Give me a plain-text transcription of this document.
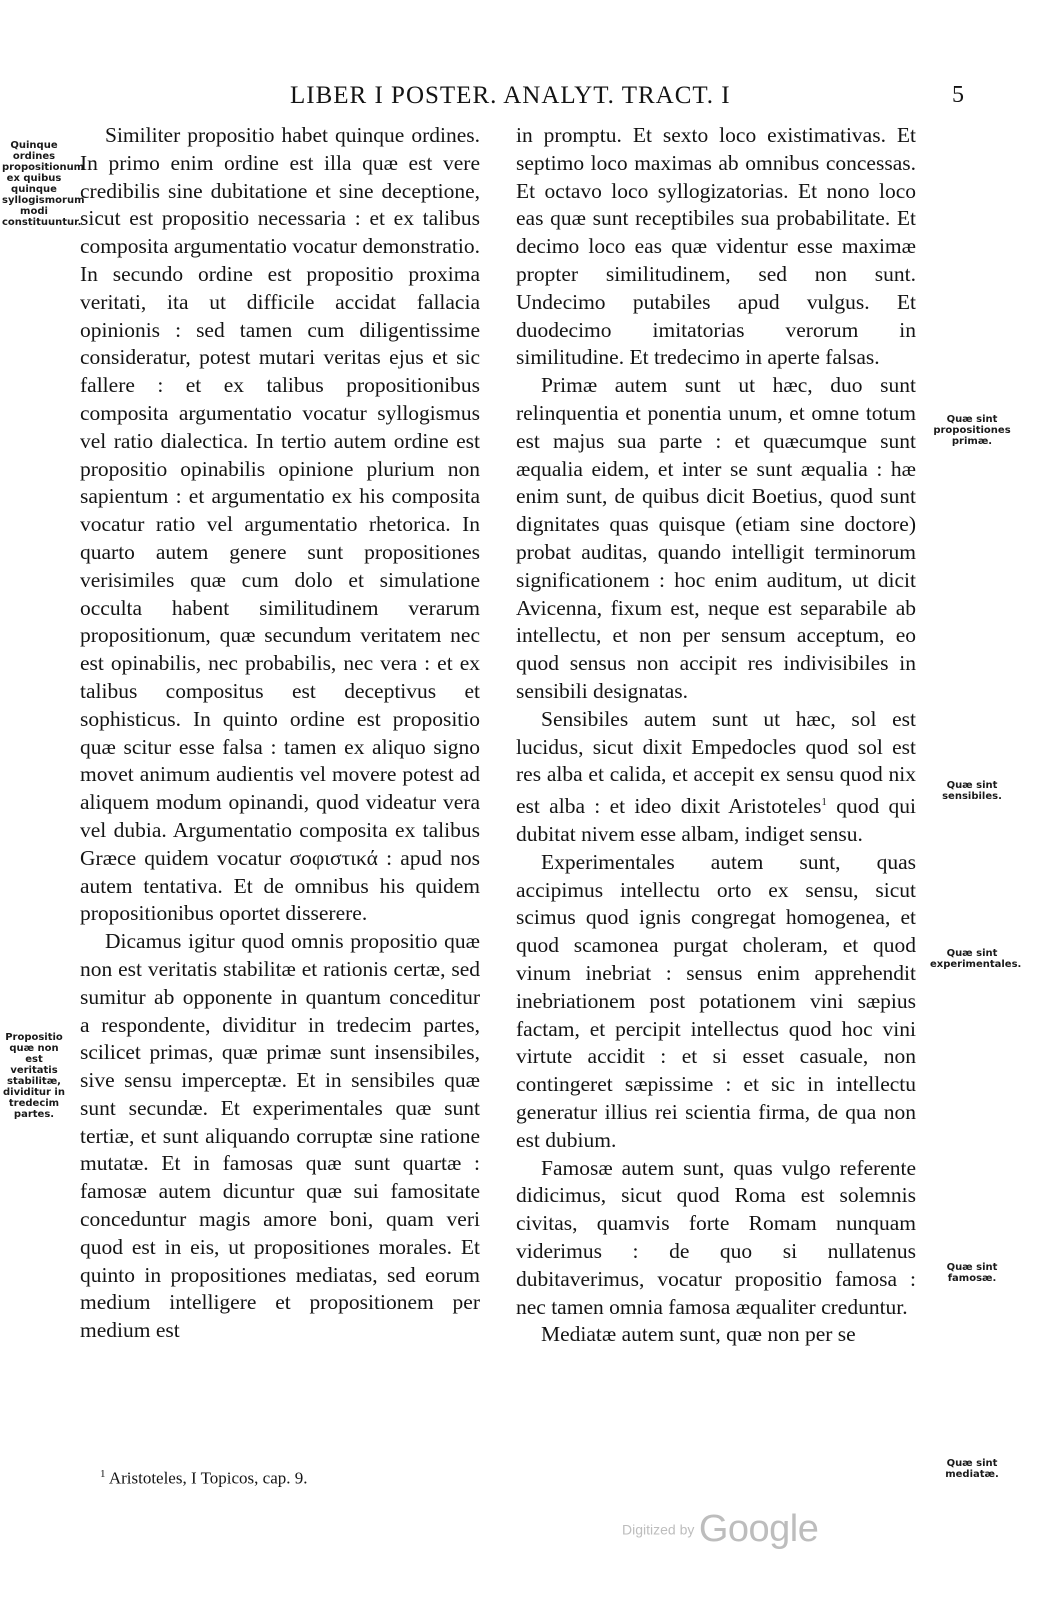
LIBER I POSTER. ANALYT. TRACT. I	5
Quinque ordines propositionum ex quibus quinque syllogismorum modi constituuntur.
Propositio quæ non est veritatis stabilitæ, dividitur in tredecim partes.
Quæ sint propositiones primæ.
Quæ sint sensibiles.
Quæ sint experimentales.
Quæ sint famosæ.
Quæ sint mediatæ.

Similiter propositio habet quinque ordines. In primo enim ordine est illa quæ est vere credibilis sine dubitatione et sine deceptione, sicut est propositio necessaria : et ex talibus composita argumentatio vocatur demonstratio. In secundo ordine est propositio proxima veritati, ita ut difficile accidat fallacia opinionis : sed tamen cum diligentissime consideratur, potest mutari veritas ejus et sic fallere : et ex talibus propositionibus composita argumentatio vocatur syllogismus vel ratio dialectica. In tertio autem ordine est propositio opinabilis opinione plurium non sapientum : et argumentatio ex his composita vocatur ratio vel argumentatio rhetorica. In quarto autem genere sunt propositiones verisimiles quæ cum dolo et simulatione occulta habent similitudinem verarum propositionum, quæ secundum veritatem nec est opinabilis, nec probabilis, nec vera : et ex talibus compositus est deceptivus et sophisticus. In quinto ordine est propositio quæ scitur esse falsa : tamen ex aliquo signo movet animum audientis vel movere potest ad aliquem modum opinandi, quod videatur vera vel dubia. Argumentatio composita ex talibus Græce quidem vocatur σοφιστικά : apud nos autem tentativa. Et de omnibus his quidem propositionibus oportet disserere.

Dicamus igitur quod omnis propositio quæ non est veritatis stabilitæ et rationis certæ, sed sumitur ab opponente in quantum conceditur a respondente, dividitur in tredecim partes, scilicet primas, quæ primæ sunt insensibiles, sive sensu imperceptæ. Et in sensibiles quæ sunt secundæ. Et experimentales quæ sunt tertiæ, et sunt aliquando corruptæ sine ratione mutatæ. Et in famosas quæ sunt quartæ : famosæ autem dicuntur quæ sui famositate conceduntur magis amore boni, quam veri quod est in eis, ut propositiones morales. Et quinto in propositiones mediatas, sed eorum medium intelligere et propositionem per medium est

in promptu. Et sexto loco existimativas. Et septimo loco maximas ab omnibus concessas. Et octavo loco syllogizatorias. Et nono loco eas quæ sunt receptibiles sua probabilitate. Et decimo loco eas quæ videntur esse maximæ propter similitudinem, sed non sunt. Undecimo putabiles apud vulgus. Et duodecimo imitatorias verorum in similitudine. Et tredecimo in aperte falsas.

Primæ autem sunt ut hæc, duo sunt relinquentia et ponentia unum, et omne totum est majus sua parte : et quæcumque sunt æqualia eidem, et inter se sunt æqualia : hæ enim sunt, de quibus dicit Boetius, quod sunt dignitates quas quisque (etiam sine doctore) probat auditas, quando intelligit terminorum significationem : hoc enim auditum, ut dicit Avicenna, fixum est, neque est separabile ab intellectu, et non per sensum acceptum, eo quod sensus non accipit res indivisibiles in sensibili designatas.

Sensibiles autem sunt ut hæc, sol est lucidus, sicut dixit Empedocles quod sol est res alba et calida, et accepit ex sensu quod nix est alba : et ideo dixit Aristoteles$^1$ quod qui dubitat nivem esse albam, indiget sensu.

Experimentales autem sunt, quas accipimus intellectu orto ex sensu, sicut scimus quod ignis congregat homogenea, et quod scamonea purgat choleram, et quod vinum inebriat : sensus enim apprehendit inebriationem post potationem vini sæpius factam, et percipit intellectus quod hoc vini virtute accidit : et si esset casuale, non contingeret sæpissime : et sic in intellectu generatur illius rei scientia firma, de qua non est dubium.

Famosæ autem sunt, quas vulgo referente didicimus, sicut quod Roma est solemnis civitas, quamvis forte Romam nunquam viderimus : de quo si nullatenus dubitaverimus, vocatur propositio famosa : nec tamen omnia famosa æqualiter creduntur.

Mediatæ autem sunt, quæ non per se

$^1$ Aristoteles, I Topicos, cap. 9.
Digitized by Google
